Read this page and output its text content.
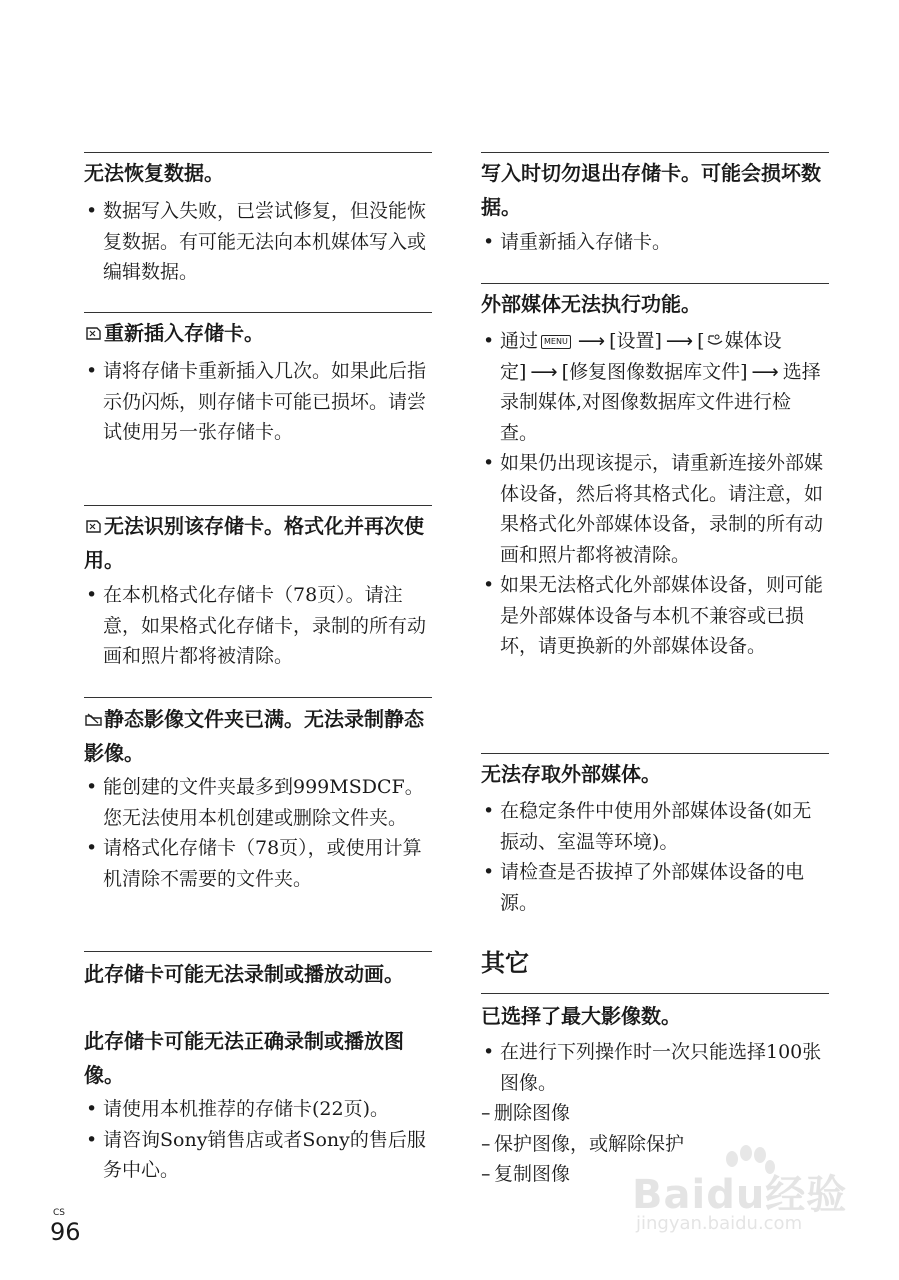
无法恢复数据。
• 数据写入失败，已尝试修复，但没能恢复数据。有可能无法向本机媒体写入或编辑数据。
重新插入存储卡。
• 请将存储卡重新插入几次。如果此后指示仍闪烁，则存储卡可能已损坏。请尝试使用另一张存储卡。
无法识别该存储卡。格式化并再次使用。
• 在本机格式化存储卡（78页）。请注意，如果格式化存储卡，录制的所有动画和照片都将被清除。
静态影像文件夹已满。无法录制静态影像。
• 能创建的文件夹最多到999MSDCF。您无法使用本机创建或删除文件夹。
• 请格式化存储卡（78页），或使用计算机清除不需要的文件夹。
此存储卡可能无法录制或播放动画。
此存储卡可能无法正确录制或播放图像。
• 请使用本机推荐的存储卡(22页)。
• 请咨询Sony销售店或者Sony的售后服务中心。
写入时切勿退出存储卡。可能会损坏数据。
• 请重新插入存储卡。
外部媒体无法执行功能。
• 通过 MENU ⟶ [设置] ⟶ [ 媒体设定] ⟶ [修复图像数据库文件] ⟶ 选择录制媒体,对图像数据库文件进行检查。
• 如果仍出现该提示，请重新连接外部媒体设备，然后将其格式化。请注意，如果格式化外部媒体设备，录制的所有动画和照片都将被清除。
• 如果无法格式化外部媒体设备，则可能是外部媒体设备与本机不兼容或已损坏，请更换新的外部媒体设备。
无法存取外部媒体。
• 在稳定条件中使用外部媒体设备(如无振动、室温等环境)。
• 请检查是否拔掉了外部媒体设备的电源。
其它
已选择了最大影像数。
• 在进行下列操作时一次只能选择100张图像。
– 删除图像
– 保护图像，或解除保护
– 复制图像
CS
96
Baidu经验
jingyan.baidu.com
